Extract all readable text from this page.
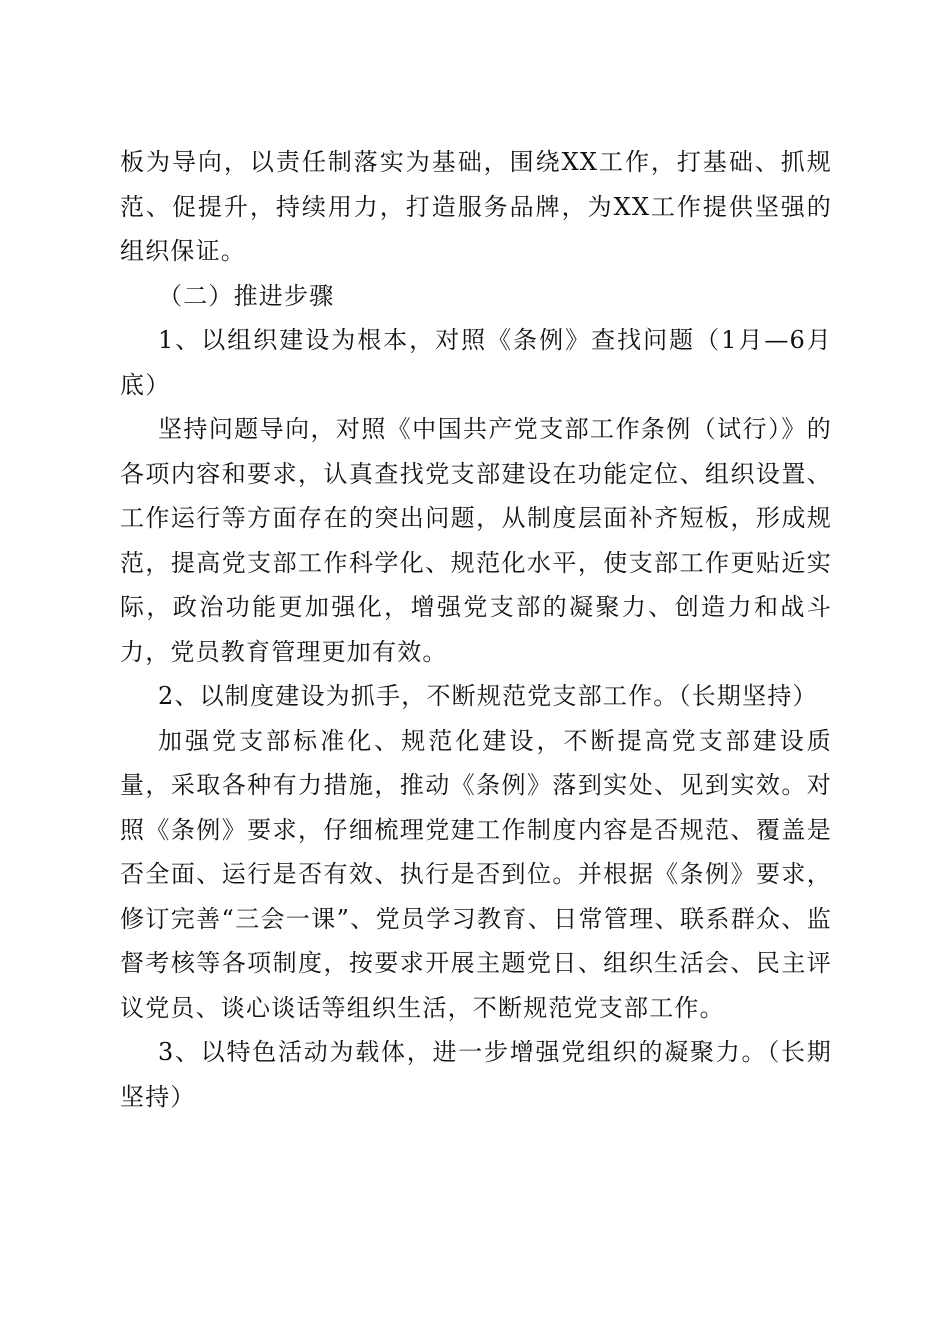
板为导向，以责任制落实为基础，围绕XX工作，打基础、抓规范、促提升，持续用力，打造服务品牌，为XX工作提供坚强的组织保证。

（二）推进步骤

1、以组织建设为根本，对照《条例》查找问题（1月—6月底）

坚持问题导向，对照《中国共产党支部工作条例（试行）》的各项内容和要求，认真查找党支部建设在功能定位、组织设置、工作运行等方面存在的突出问题，从制度层面补齐短板，形成规范，提高党支部工作科学化、规范化水平，使支部工作更贴近实际，政治功能更加强化，增强党支部的凝聚力、创造力和战斗力，党员教育管理更加有效。

2、以制度建设为抓手，不断规范党支部工作。（长期坚持）

加强党支部标准化、规范化建设，不断提高党支部建设质量，采取各种有力措施，推动《条例》落到实处、见到实效。对照《条例》要求，仔细梳理党建工作制度内容是否规范、覆盖是否全面、运行是否有效、执行是否到位。并根据《条例》要求，修订完善“三会一课”、党员学习教育、日常管理、联系群众、监督考核等各项制度，按要求开展主题党日、组织生活会、民主评议党员、谈心谈话等组织生活，不断规范党支部工作。

3、以特色活动为载体，进一步增强党组织的凝聚力。（长期坚持）
